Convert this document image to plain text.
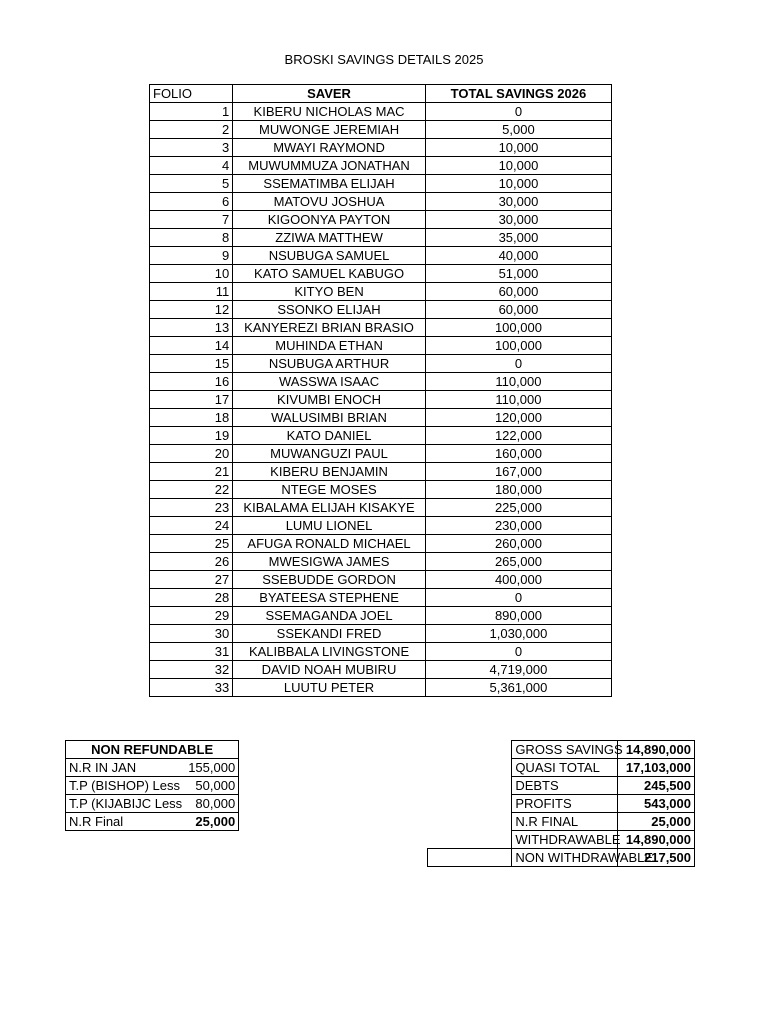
BROSKI SAVINGS DETAILS 2025
FOLIO	SAVER	TOTAL SAVINGS 2026
1	KIBERU NICHOLAS MAC	0
2	MUWONGE JEREMIAH	5,000
3	MWAYI RAYMOND	10,000
4	MUWUMMUZA JONATHAN	10,000
5	SSEMATIMBA ELIJAH	10,000
6	MATOVU JOSHUA	30,000
7	KIGOONYA PAYTON	30,000
8	ZZIWA MATTHEW	35,000
9	NSUBUGA SAMUEL	40,000
10	KATO SAMUEL KABUGO	51,000
11	KITYO BEN	60,000
12	SSONKO ELIJAH	60,000
13	KANYEREZI BRIAN BRASIO	100,000
14	MUHINDA ETHAN	100,000
15	NSUBUGA ARTHUR	0
16	WASSWA ISAAC	110,000
17	KIVUMBI ENOCH	110,000
18	WALUSIMBI BRIAN	120,000
19	KATO DANIEL	122,000
20	MUWANGUZI PAUL	160,000
21	KIBERU BENJAMIN	167,000
22	NTEGE MOSES	180,000
23	KIBALAMA ELIJAH KISAKYE	225,000
24	LUMU LIONEL	230,000
25	AFUGA RONALD MICHAEL	260,000
26	MWESIGWA JAMES	265,000
27	SSEBUDDE GORDON	400,000
28	BYATEESA STEPHENE	0
29	SSEMAGANDA JOEL	890,000
30	SSEKANDI FRED	1,030,000
31	KALIBBALA LIVINGSTONE	0
32	DAVID NOAH MUBIRU	4,719,000
33	LUUTU PETER	5,361,000
NON REFUNDABLE	
N.R IN JAN	155,000
T.P (BISHOP) Less	50,000
T.P (KIJABIJC Less	80,000
N.R Final	25,000
	GROSS SAVINGS	14,890,000
	QUASI TOTAL	17,103,000
	DEBTS	245,500
	PROFITS	543,000
	N.R FINAL	25,000
	WITHDRAWABLE	14,890,000
	NON WITHDRAWABLE	217,500
